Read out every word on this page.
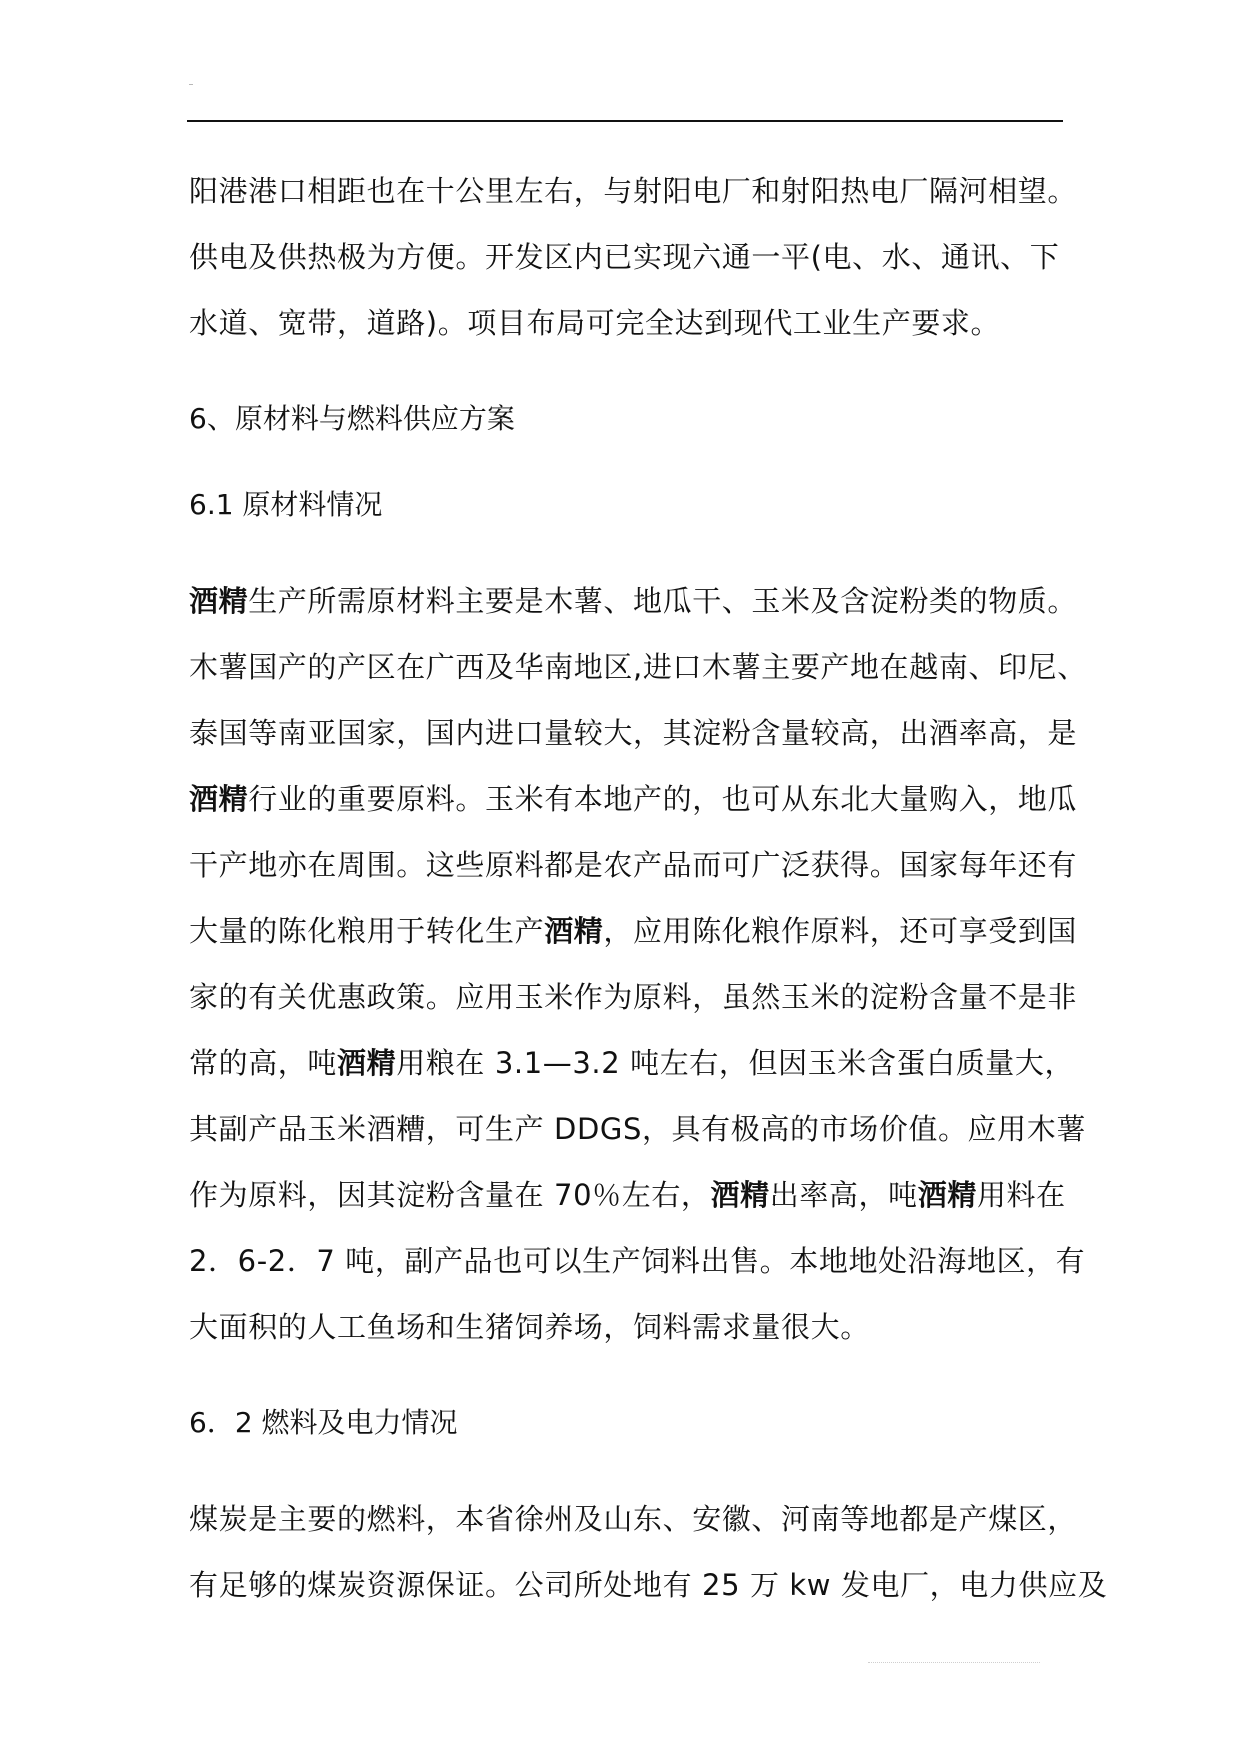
阳港港口相距也在十公里左右，与射阳电厂和射阳热电厂隔河相望。
供电及供热极为方便。开发区内已实现六通一平(电、水、通讯、下
水道、宽带，道路)。项目布局可完全达到现代工业生产要求。
6、原材料与燃料供应方案
6.1 原材料情况
酒精生产所需原材料主要是木薯、地瓜干、玉米及含淀粉类的物质。
木薯国产的产区在广西及华南地区,进口木薯主要产地在越南、印尼、
泰国等南亚国家，国内进口量较大，其淀粉含量较高，出酒率高，是
酒精行业的重要原料。玉米有本地产的，也可从东北大量购入，地瓜
干产地亦在周围。这些原料都是农产品而可广泛获得。国家每年还有
大量的陈化粮用于转化生产酒精，应用陈化粮作原料，还可享受到国
家的有关优惠政策。应用玉米作为原料，虽然玉米的淀粉含量不是非
常的高，吨酒精用粮在 3.1—3.2 吨左右，但因玉米含蛋白质量大，
其副产品玉米酒糟，可生产 DDGS，具有极高的市场价值。应用木薯
作为原料，因其淀粉含量在 70％左右，酒精出率高，吨酒精用料在
2．6-2．7 吨，副产品也可以生产饲料出售。本地地处沿海地区，有
大面积的人工鱼场和生猪饲养场，饲料需求量很大。
6．2 燃料及电力情况
煤炭是主要的燃料，本省徐州及山东、安徽、河南等地都是产煤区，
有足够的煤炭资源保证。公司所处地有 25 万 kw 发电厂，电力供应及
